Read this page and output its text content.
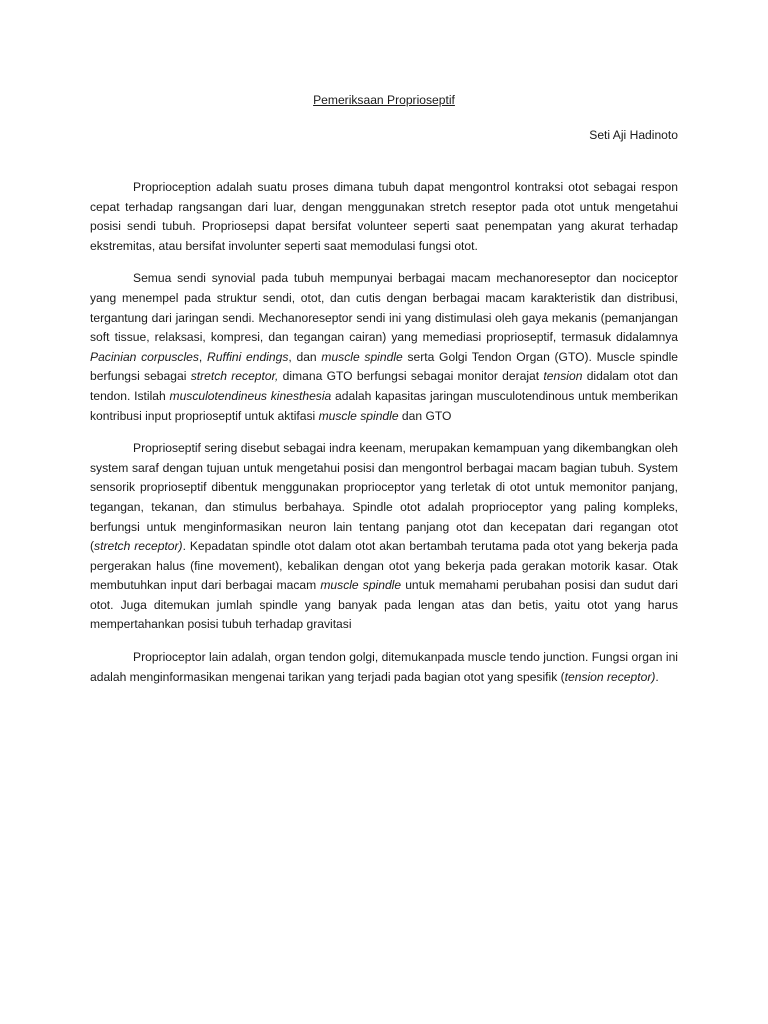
Pemeriksaan Proprioseptif

Seti Aji Hadinoto

Proprioception adalah suatu proses dimana tubuh dapat mengontrol kontraksi otot sebagai respon cepat terhadap rangsangan dari luar, dengan menggunakan stretch reseptor pada otot untuk mengetahui posisi sendi tubuh. Propriosepsi dapat bersifat volunteer seperti saat penempatan yang akurat terhadap ekstremitas, atau bersifat involunter seperti saat memodulasi fungsi otot.

Semua sendi synovial pada tubuh mempunyai berbagai macam mechanoreseptor dan nociceptor yang menempel pada struktur sendi, otot, dan cutis dengan berbagai macam karakteristik dan distribusi, tergantung dari jaringan sendi. Mechanoreseptor sendi ini yang distimulasi oleh gaya mekanis (pemanjangan soft tissue, relaksasi, kompresi, dan tegangan cairan) yang memediasi proprioseptif, termasuk didalamnya Pacinian corpuscles, Ruffini endings, dan muscle spindle serta Golgi Tendon Organ (GTO). Muscle spindle berfungsi sebagai stretch receptor, dimana GTO berfungsi sebagai monitor derajat tension didalam otot dan tendon. Istilah musculotendineus kinesthesia adalah kapasitas jaringan musculotendinous untuk memberikan kontribusi input proprioseptif untuk aktifasi muscle spindle dan GTO

Proprioseptif sering disebut sebagai indra keenam, merupakan kemampuan yang dikembangkan oleh system saraf dengan tujuan untuk mengetahui posisi dan mengontrol berbagai macam bagian tubuh. System sensorik proprioseptif dibentuk menggunakan proprioceptor yang terletak di otot untuk memonitor panjang, tegangan, tekanan, dan stimulus berbahaya. Spindle otot adalah proprioceptor yang paling kompleks, berfungsi untuk menginformasikan neuron lain tentang panjang otot dan kecepatan dari regangan otot (stretch receptor). Kepadatan spindle otot dalam otot akan bertambah terutama pada otot yang bekerja pada pergerakan halus (fine movement), kebalikan dengan otot yang bekerja pada gerakan motorik kasar. Otak membutuhkan input dari berbagai macam muscle spindle untuk memahami perubahan posisi dan sudut dari otot. Juga ditemukan jumlah spindle yang banyak pada lengan atas dan betis, yaitu otot yang harus mempertahankan posisi tubuh terhadap gravitasi

Proprioceptor lain adalah, organ tendon golgi, ditemukanpada muscle tendo junction. Fungsi organ ini adalah menginformasikan mengenai tarikan yang terjadi pada bagian otot yang spesifik (tension receptor).
